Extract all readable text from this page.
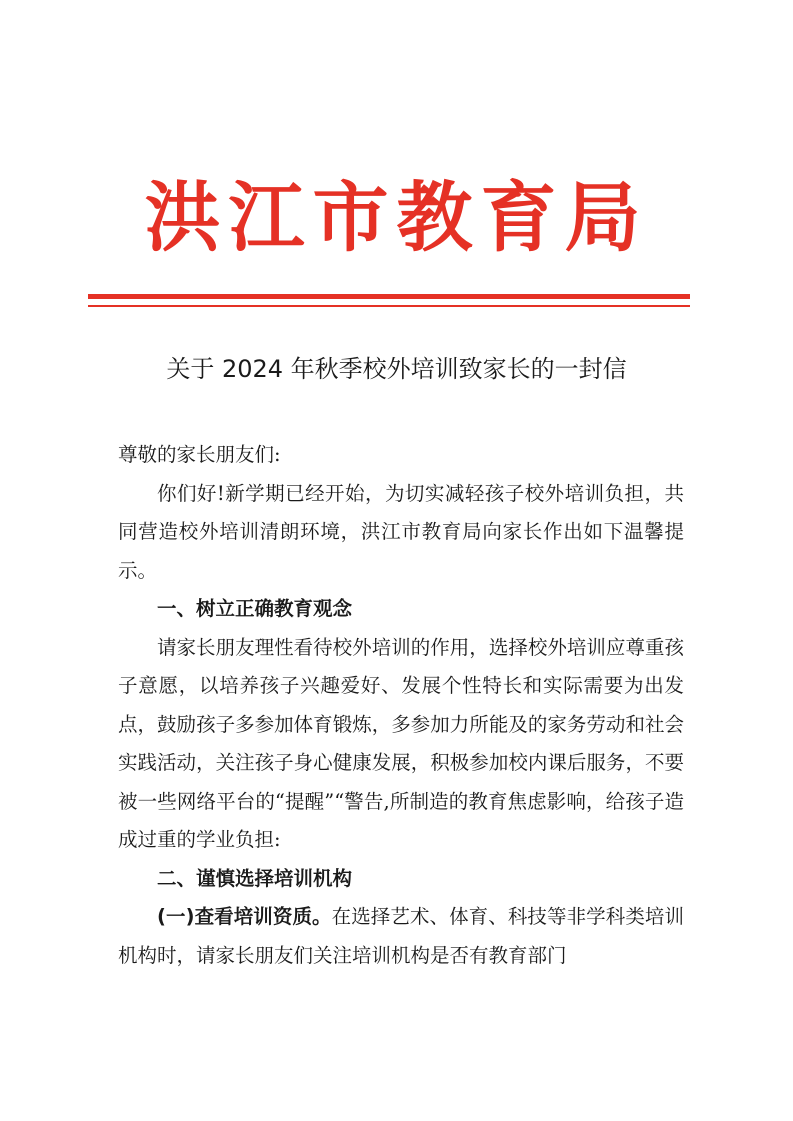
洪江市教育局
关于 2024 年秋季校外培训致家长的一封信

尊敬的家长朋友们:

你们好!新学期已经开始，为切实减轻孩子校外培训负担，共同营造校外培训清朗环境，洪江市教育局向家长作出如下温馨提示。

一、树立正确教育观念

请家长朋友理性看待校外培训的作用，选择校外培训应尊重孩子意愿，以培养孩子兴趣爱好、发展个性特长和实际需要为出发点，鼓励孩子多参加体育锻炼，多参加力所能及的家务劳动和社会实践活动，关注孩子身心健康发展，积极参加校内课后服务，不要被一些网络平台的“提醒”“警告,所制造的教育焦虑影响，给孩子造成过重的学业负担:

二、谨慎选择培训机构

(一)查看培训资质。在选择艺术、体育、科技等非学科类培训机构时，请家长朋友们关注培训机构是否有教育部门
